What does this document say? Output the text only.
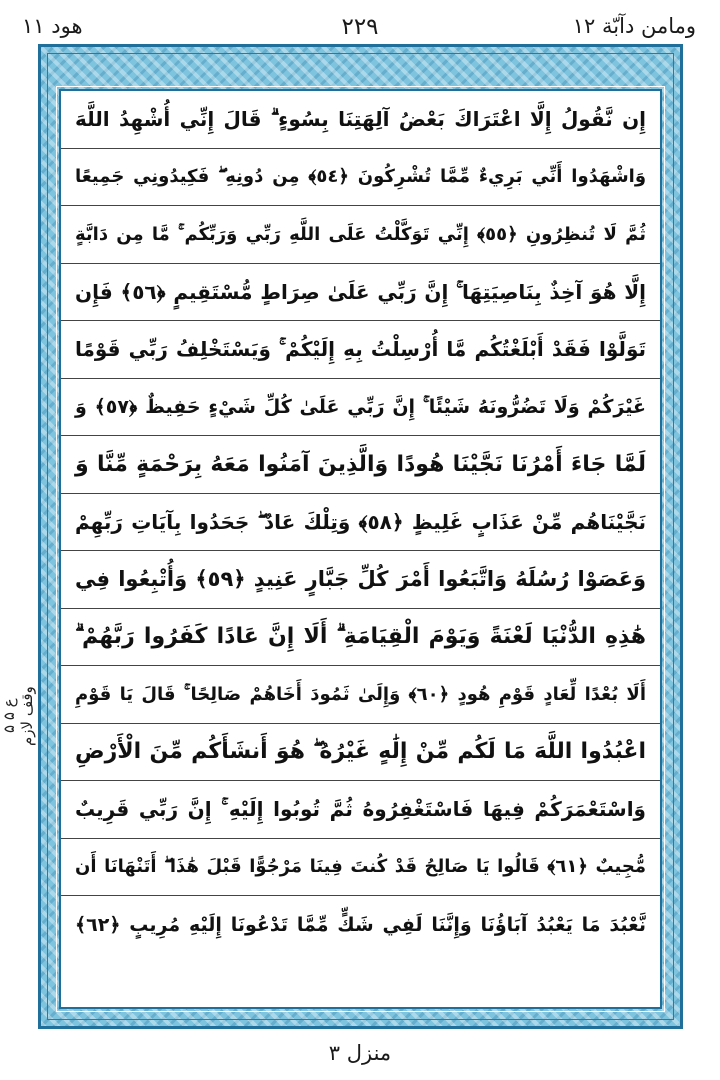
هود ۱۱	۲۲۹	ومامن دآبّة ۱۲
ع ۵ ۵ وقف لازم
إِن نَّقُولُ إِلَّا اعْتَرَاكَ بَعْضُ آلِهَتِنَا بِسُوءٍ ۗ قَالَ إِنِّي أُشْهِدُ اللَّهَ
وَاشْهَدُوا أَنِّي بَرِيءٌ مِّمَّا تُشْرِكُونَ ﴿٥٤﴾ مِن دُونِهِ ۖ فَكِيدُونِي جَمِيعًا
ثُمَّ لَا تُنظِرُونِ ﴿٥٥﴾ إِنِّي تَوَكَّلْتُ عَلَى اللَّهِ رَبِّي وَرَبِّكُم ۚ مَّا مِن دَابَّةٍ
إِلَّا هُوَ آخِذٌ بِنَاصِيَتِهَا ۚ إِنَّ رَبِّي عَلَىٰ صِرَاطٍ مُّسْتَقِيمٍ ﴿٥٦﴾ فَإِن
تَوَلَّوْا فَقَدْ أَبْلَغْتُكُم مَّا أُرْسِلْتُ بِهِ إِلَيْكُمْ ۚ وَيَسْتَخْلِفُ رَبِّي قَوْمًا
غَيْرَكُمْ وَلَا تَضُرُّونَهُ شَيْئًا ۚ إِنَّ رَبِّي عَلَىٰ كُلِّ شَيْءٍ حَفِيظٌ ﴿٥٧﴾ وَ
لَمَّا جَاءَ أَمْرُنَا نَجَّيْنَا هُودًا وَالَّذِينَ آمَنُوا مَعَهُ بِرَحْمَةٍ مِّنَّا وَ
نَجَّيْنَاهُم مِّنْ عَذَابٍ غَلِيظٍ ﴿٥٨﴾ وَتِلْكَ عَادٌ ۖ جَحَدُوا بِآيَاتِ رَبِّهِمْ
وَعَصَوْا رُسُلَهُ وَاتَّبَعُوا أَمْرَ كُلِّ جَبَّارٍ عَنِيدٍ ﴿٥٩﴾ وَأُتْبِعُوا فِي
هَٰذِهِ الدُّنْيَا لَعْنَةً وَيَوْمَ الْقِيَامَةِ ۗ أَلَا إِنَّ عَادًا كَفَرُوا رَبَّهُمْ ۗ
أَلَا بُعْدًا لِّعَادٍ قَوْمِ هُودٍ ﴿٦٠﴾ وَإِلَىٰ ثَمُودَ أَخَاهُمْ صَالِحًا ۚ قَالَ يَا قَوْمِ
اعْبُدُوا اللَّهَ مَا لَكُم مِّنْ إِلَٰهٍ غَيْرُهُ ۖ هُوَ أَنشَأَكُم مِّنَ الْأَرْضِ
وَاسْتَعْمَرَكُمْ فِيهَا فَاسْتَغْفِرُوهُ ثُمَّ تُوبُوا إِلَيْهِ ۚ إِنَّ رَبِّي قَرِيبٌ
مُّجِيبٌ ﴿٦١﴾ قَالُوا يَا صَالِحُ قَدْ كُنتَ فِينَا مَرْجُوًّا قَبْلَ هَٰذَا ۖ أَتَنْهَانَا أَن
نَّعْبُدَ مَا يَعْبُدُ آبَاؤُنَا وَإِنَّنَا لَفِي شَكٍّ مِّمَّا تَدْعُونَا إِلَيْهِ مُرِيبٍ ﴿٦٢﴾
منزل ۳
